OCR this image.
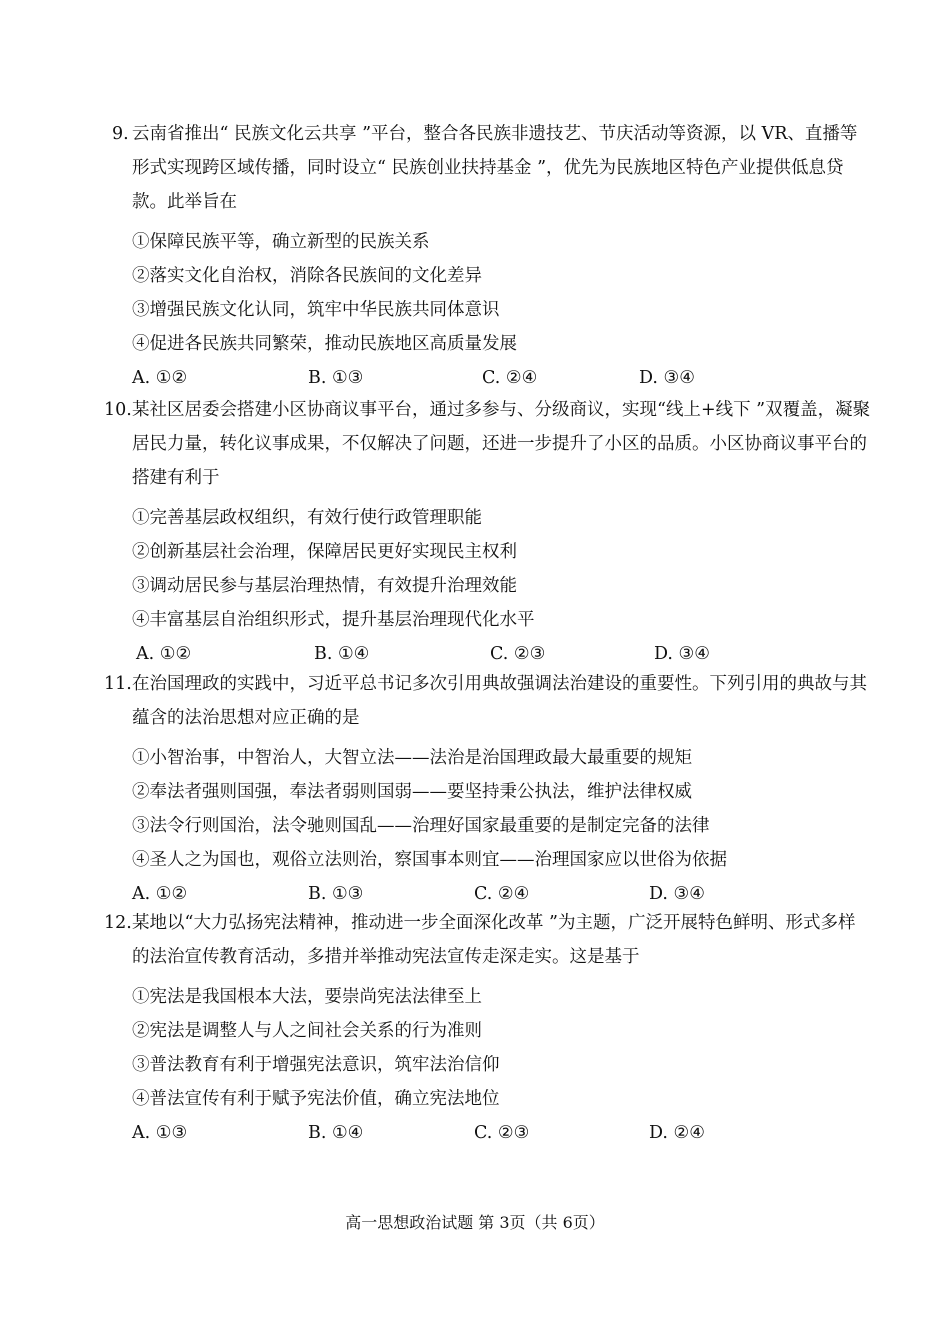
9. 云南省推出“ 民族文化云共享 ”平台，整合各民族非遗技艺、节庆活动等资源，以 VR、直播等形式实现跨区域传播，同时设立“ 民族创业扶持基金 ”，优先为民族地区特色产业提供低息贷款。此举旨在
①保障民族平等，确立新型的民族关系
②落实文化自治权，消除各民族间的文化差异
③增强民族文化认同，筑牢中华民族共同体意识
④促进各民族共同繁荣，推动民族地区高质量发展
A. ①②	B. ①③	C. ②④	D. ③④
10. 某社区居委会搭建小区协商议事平台，通过多参与、分级商议，实现“线上+线下 ”双覆盖，凝聚居民力量，转化议事成果，不仅解决了问题，还进一步提升了小区的品质。小区协商议事平台的搭建有利于
①完善基层政权组织，有效行使行政管理职能
②创新基层社会治理，保障居民更好实现民主权利
③调动居民参与基层治理热情，有效提升治理效能
④丰富基层自治组织形式，提升基层治理现代化水平
A. ①②	B. ①④	C. ②③	D. ③④
11. 在治国理政的实践中，习近平总书记多次引用典故强调法治建设的重要性。下列引用的典故与其蕴含的法治思想对应正确的是
①小智治事，中智治人，大智立法——法治是治国理政最大最重要的规矩
②奉法者强则国强，奉法者弱则国弱——要坚持秉公执法，维护法律权威
③法令行则国治，法令驰则国乱——治理好国家最重要的是制定完备的法律
④圣人之为国也，观俗立法则治，察国事本则宜——治理国家应以世俗为依据
A. ①②	B. ①③	C. ②④	D. ③④
12. 某地以“大力弘扬宪法精神，推动进一步全面深化改革 ”为主题，广泛开展特色鲜明、形式多样的法治宣传教育活动，多措并举推动宪法宣传走深走实。这是基于
①宪法是我国根本大法，要崇尚宪法法律至上
②宪法是调整人与人之间社会关系的行为准则
③普法教育有利于增强宪法意识，筑牢法治信仰
④普法宣传有利于赋予宪法价值，确立宪法地位
A. ①③	B. ①④	C. ②③	D. ②④
高一思想政治试题 第 3页（共 6页）
